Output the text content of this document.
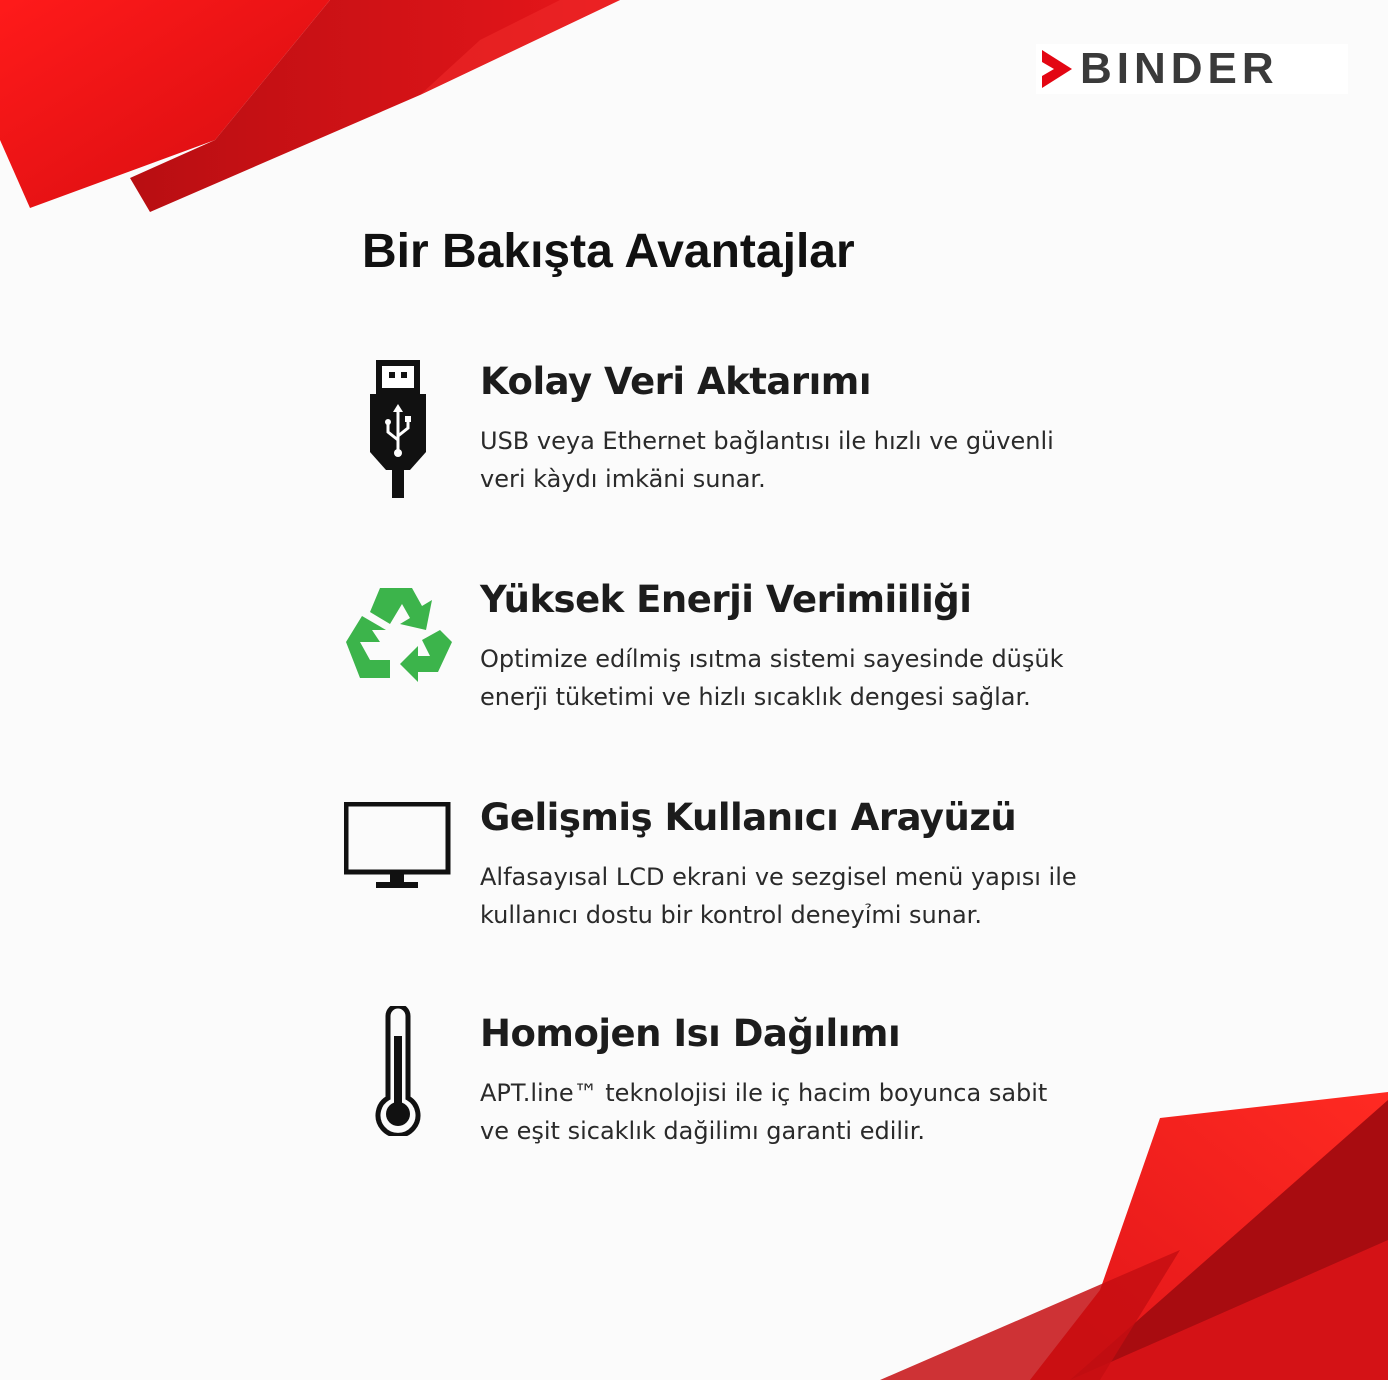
BINDER
Bir Bakışta Avantajlar
Kolay Veri Aktarımı
USB veya Ethernet bağlantısı ile hızlı ve güvenli
veri kàydı imkäni sunar.
Yüksek Enerji Verimiiliği
Optimize edílmiş ısıtma sistemi sayesinde düşük
enerȷ̈i tüketimi ve hizlı sıcaklık dengesi sağlar.
Gelişmiş Kullanıcı Arayüzü
Alfasayısal LCD ekrani ve sezgisel menü yapısı ile
kullanıcı dostu bir kontrol deneyỉmi sunar.
Homojen Isı Dağılımı
APT.line™ teknolojisi ile iç hacim boyunca sabit
ve eşit sicaklık dağilimı garanti edilir.
